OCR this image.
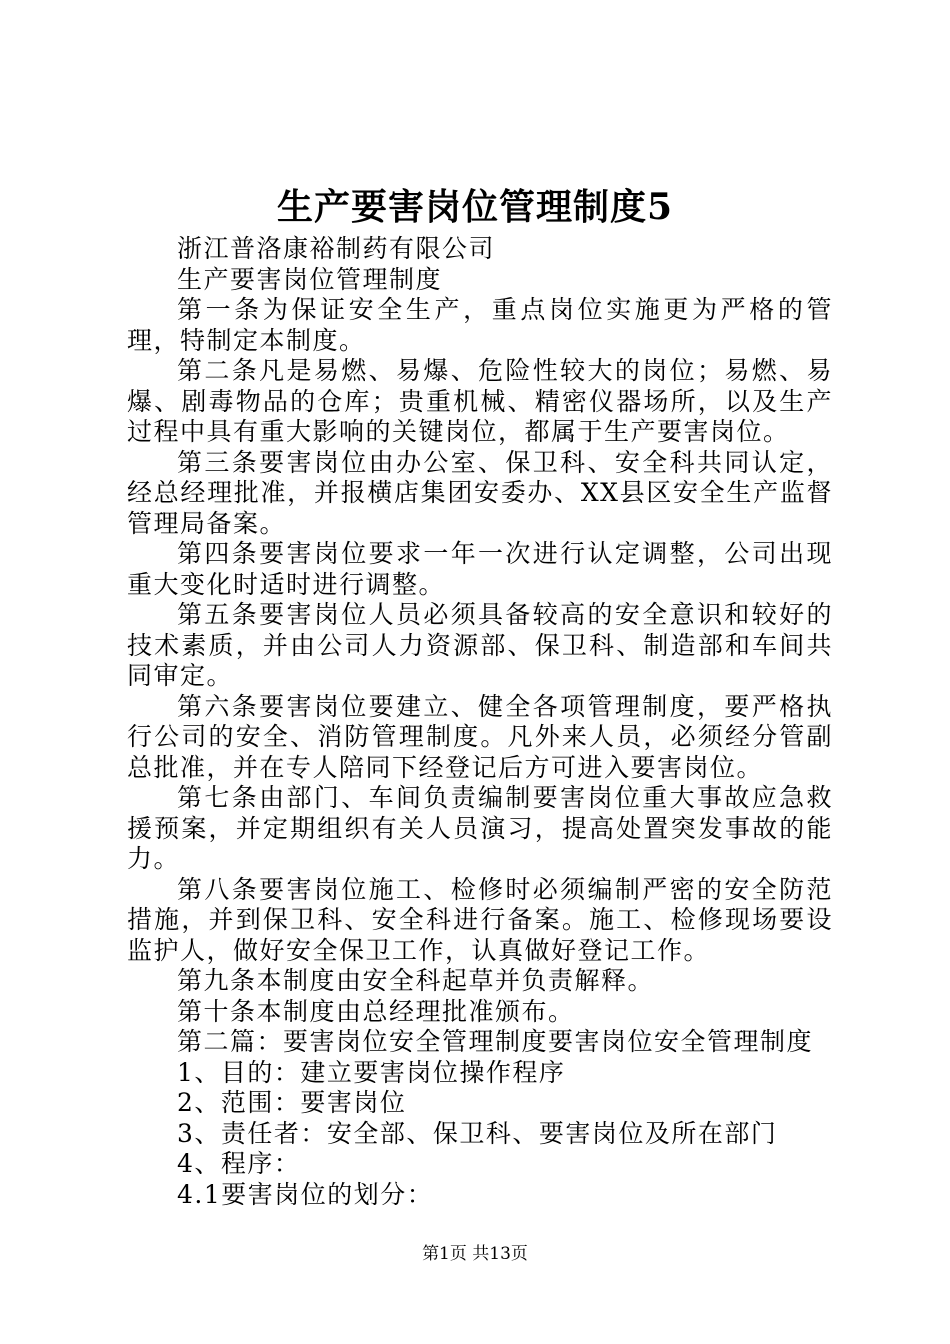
生产要害岗位管理制度5

浙江普洛康裕制药有限公司

生产要害岗位管理制度

第一条为保证安全生产，重点岗位实施更为严格的管理，特制定本制度。

第二条凡是易燃、易爆、危险性较大的岗位；易燃、易爆、剧毒物品的仓库；贵重机械、精密仪器场所，以及生产过程中具有重大影响的关键岗位，都属于生产要害岗位。

第三条要害岗位由办公室、保卫科、安全科共同认定，经总经理批准，并报横店集团安委办、XX县区安全生产监督管理局备案。

第四条要害岗位要求一年一次进行认定调整，公司出现重大变化时适时进行调整。

第五条要害岗位人员必须具备较高的安全意识和较好的技术素质，并由公司人力资源部、保卫科、制造部和车间共同审定。

第六条要害岗位要建立、健全各项管理制度，要严格执行公司的安全、消防管理制度。凡外来人员，必须经分管副总批准，并在专人陪同下经登记后方可进入要害岗位。

第七条由部门、车间负责编制要害岗位重大事故应急救援预案，并定期组织有关人员演习，提高处置突发事故的能力。

第八条要害岗位施工、检修时必须编制严密的安全防范措施，并到保卫科、安全科进行备案。施工、检修现场要设监护人，做好安全保卫工作，认真做好登记工作。

第九条本制度由安全科起草并负责解释。

第十条本制度由总经理批准颁布。

第二篇：要害岗位安全管理制度要害岗位安全管理制度

1、目的：建立要害岗位操作程序

2、范围：要害岗位

3、责任者：安全部、保卫科、要害岗位及所在部门

4、程序：

4.1要害岗位的划分：

第1页 共13页
